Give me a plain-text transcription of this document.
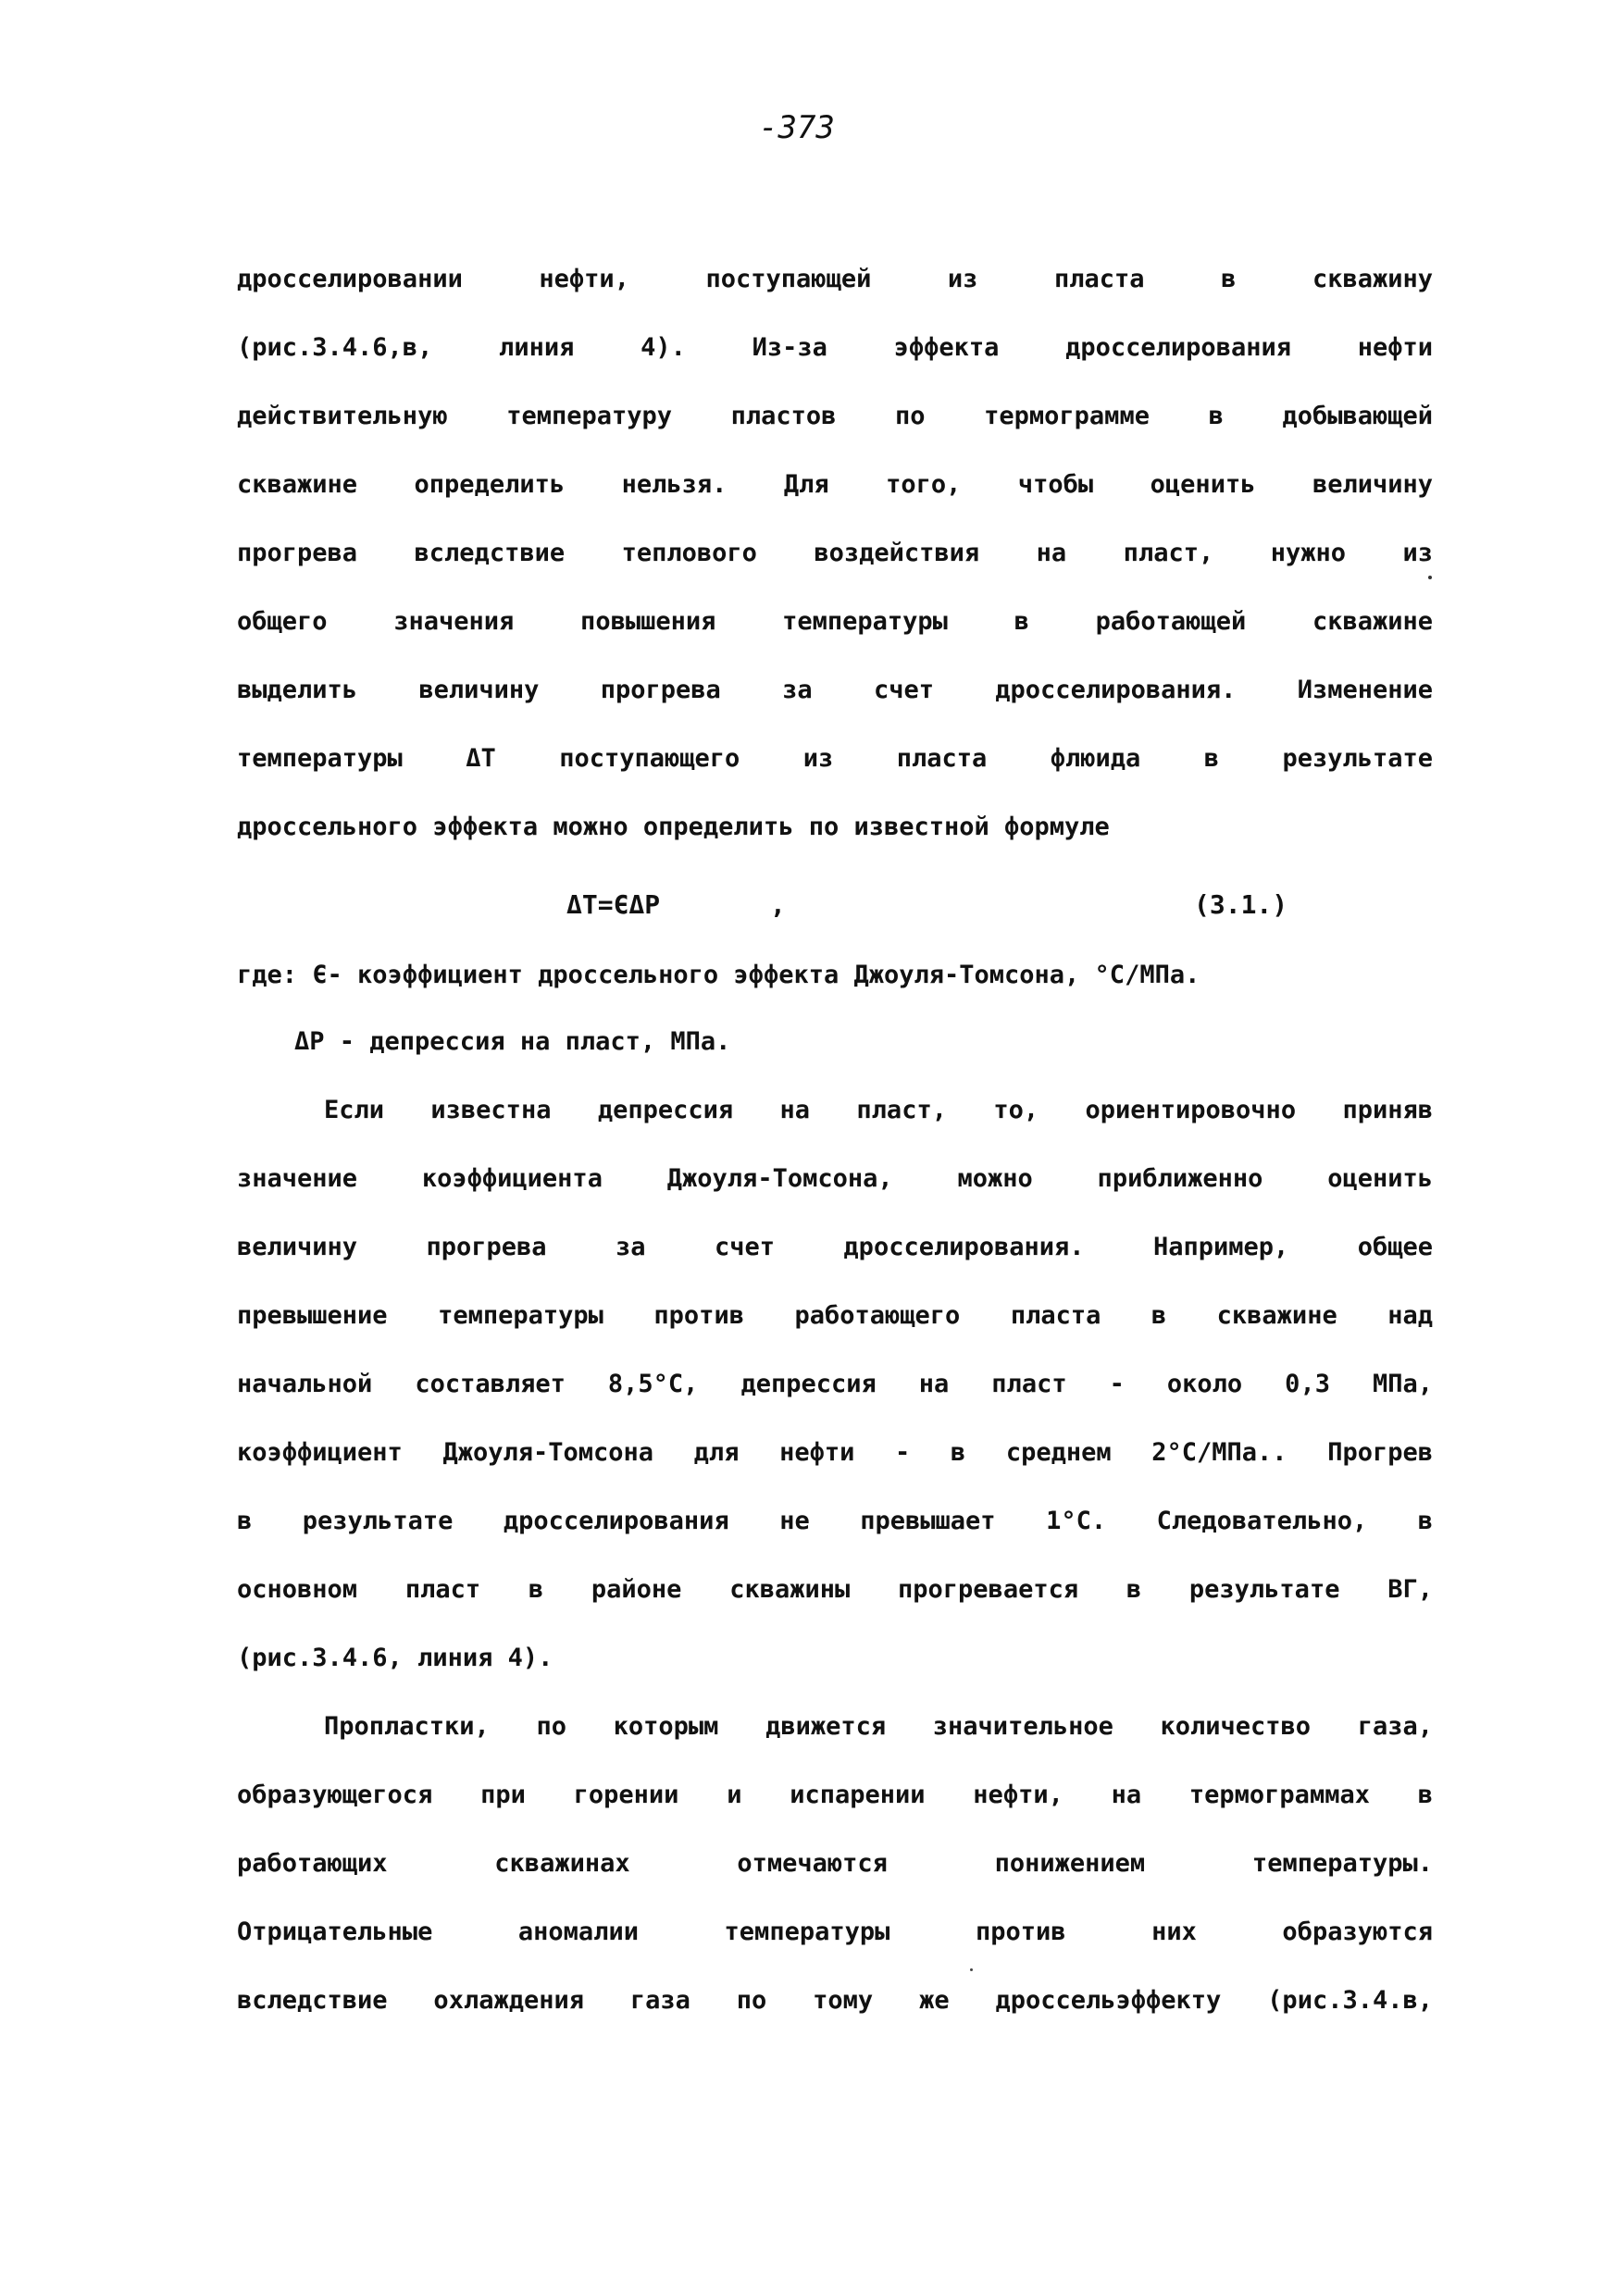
-373
дросселировании нефти, поступающей из пласта в скважину
(рис.3.4.6,в, линия 4). Из-за эффекта дросселирования нефти
действительную температуру пластов по термограмме в добывающей
скважине определить нельзя. Для того, чтобы оценить величину
прогрева вследствие теплового воздействия на пласт, нужно из
общего значения повышения температуры в работающей скважине
выделить величину прогрева за счет дросселирования. Изменение
температуры ΔT поступающего из пласта флюида в результате
дроссельного эффекта можно определить по известной формуле
ΔT=ЄΔP	,	(3.1.)
где: Є- коэффициент дроссельного эффекта Джоуля-Томсона, °С/МПа.
ΔP - депрессия на пласт, МПа.
Если известна депрессия на пласт, то, ориентировочно приняв
значение коэффициента Джоуля-Томсона, можно приближенно оценить
величину прогрева за счет дросселирования. Например, общее
превышение температуры против работающего пласта в скважине над
начальной составляет 8,5°С, депрессия на пласт - около 0,3 МПа,
коэффициент Джоуля-Томсона для нефти - в среднем 2°С/МПа.. Прогрев
в результате дросселирования не превышает 1°С. Следовательно, в
основном пласт в районе скважины прогревается в результате ВГ,
(рис.3.4.6, линия 4).
Пропластки, по которым движется значительное количество газа,
образующегося при горении и испарении нефти, на термограммах в
работающих скважинах отмечаются понижением температуры.
Отрицательные аномалии температуры против них образуются
вследствие охлаждения газа по тому же дроссельэффекту (рис.3.4.в,
